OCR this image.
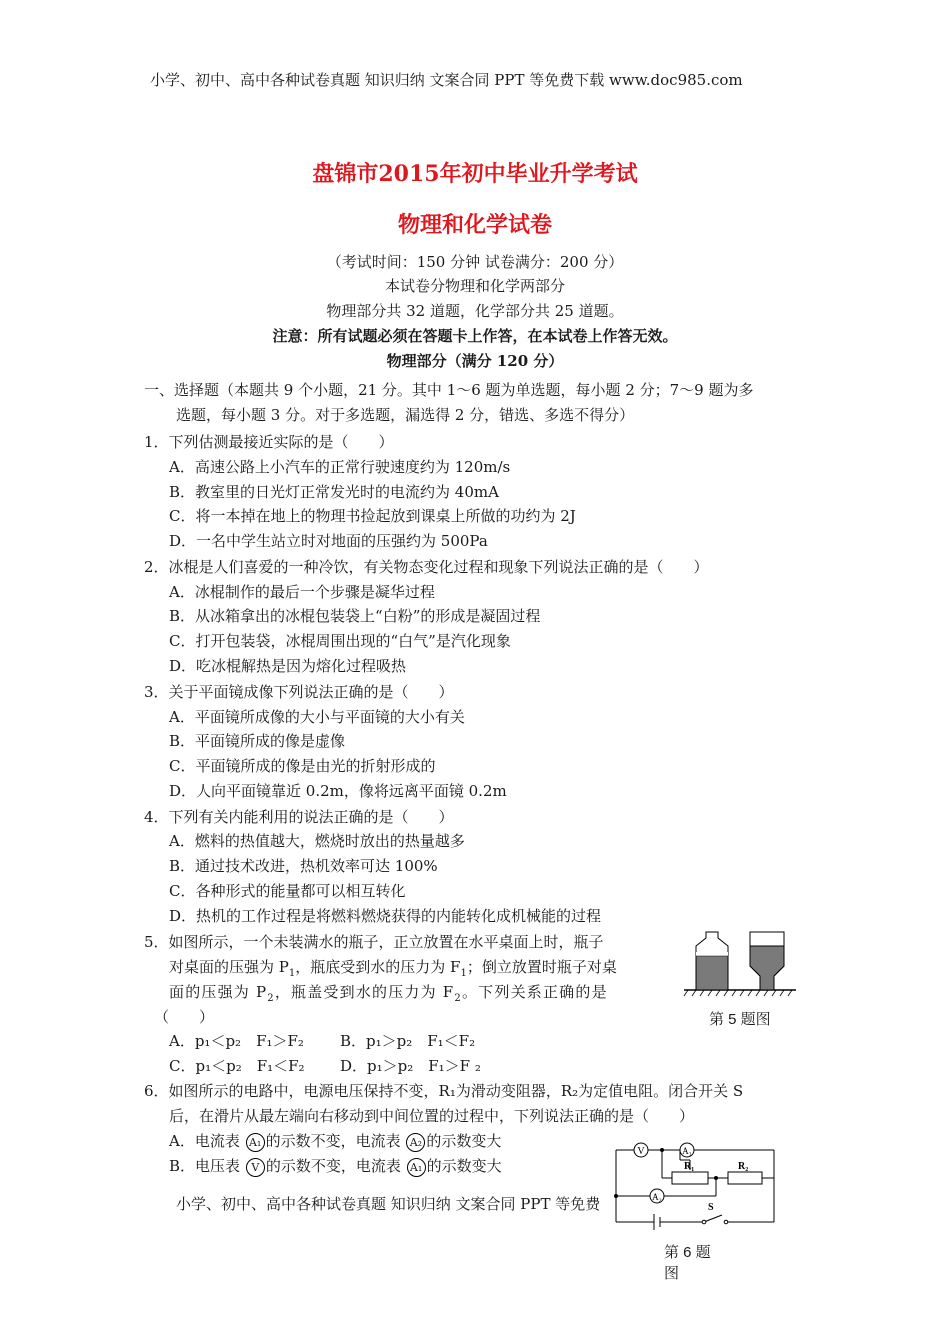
小学、初中、高中各种试卷真题 知识归纳 文案合同 PPT 等免费下载 www.doc985.com
盘锦市2015年初中毕业升学考试
物理和化学试卷
（考试时间：150 分钟 试卷满分：200 分）
本试卷分物理和化学两部分
物理部分共 32 道题，化学部分共 25 道题。
注意：所有试题必须在答题卡上作答，在本试卷上作答无效。
物理部分（满分 120 分）
一、选择题（本题共 9 个小题，21 分。其中 1～6 题为单选题，每小题 2 分；7～9 题为多
选题，每小题 3 分。对于多选题，漏选得 2 分，错选、多选不得分）
1．下列估测最接近实际的是（　　）
A．高速公路上小汽车的正常行驶速度约为 120m/s
B．教室里的日光灯正常发光时的电流约为 40mA
C．将一本掉在地上的物理书捡起放到课桌上所做的功约为 2J
D．一名中学生站立时对地面的压强约为 500Pa
2．冰棍是人们喜爱的一种冷饮，有关物态变化过程和现象下列说法正确的是（　　）
A．冰棍制作的最后一个步骤是凝华过程
B．从冰箱拿出的冰棍包装袋上“白粉”的形成是凝固过程
C．打开包装袋，冰棍周围出现的“白气”是汽化现象
D．吃冰棍解热是因为熔化过程吸热
3．关于平面镜成像下列说法正确的是（　　）
A．平面镜所成像的大小与平面镜的大小有关
B．平面镜所成的像是虚像
C．平面镜所成的像是由光的折射形成的
D．人向平面镜靠近 0.2m，像将远离平面镜 0.2m
4．下列有关内能利用的说法正确的是（　　）
A．燃料的热值越大，燃烧时放出的热量越多
B．通过技术改进，热机效率可达 100%
C．各种形式的能量都可以相互转化
D．热机的工作过程是将燃料燃烧获得的内能转化成机械能的过程
5．如图所示，一个未装满水的瓶子，正立放置在水平桌面上时，瓶子
对桌面的压强为 $P_1$，瓶底受到水的压力为 $F_1$；倒立放置时瓶子对桌
面的压强为 $P_2$，瓶盖受到水的压力为 $F_2$。下列关系正确的是
（　　）
A．p₁＜p₂　F₁＞F₂ B．p₁＞p₂　F₁＜F₂
C．p₁＜p₂　F₁＜F₂ D．p₁＞p₂　F₁＞F ₂
第 5 题图
6．如图所示的电路中，电源电压保持不变，R₁为滑动变阻器，R₂为定值电阻。闭合开关 S
后，在滑片从最左端向右移动到中间位置的过程中，下列说法正确的是（　　）
A．电流表 A₁ 的示数不变，电流表 A₂ 的示数变大
B．电压表 V 的示数不变，电流表 A₁ 的示数变大
V	A₁
A₂
R₁	R₂
S
小学、初中、高中各种试卷真题 知识归纳 文案合同 PPT 等免费
第 6 题
图
